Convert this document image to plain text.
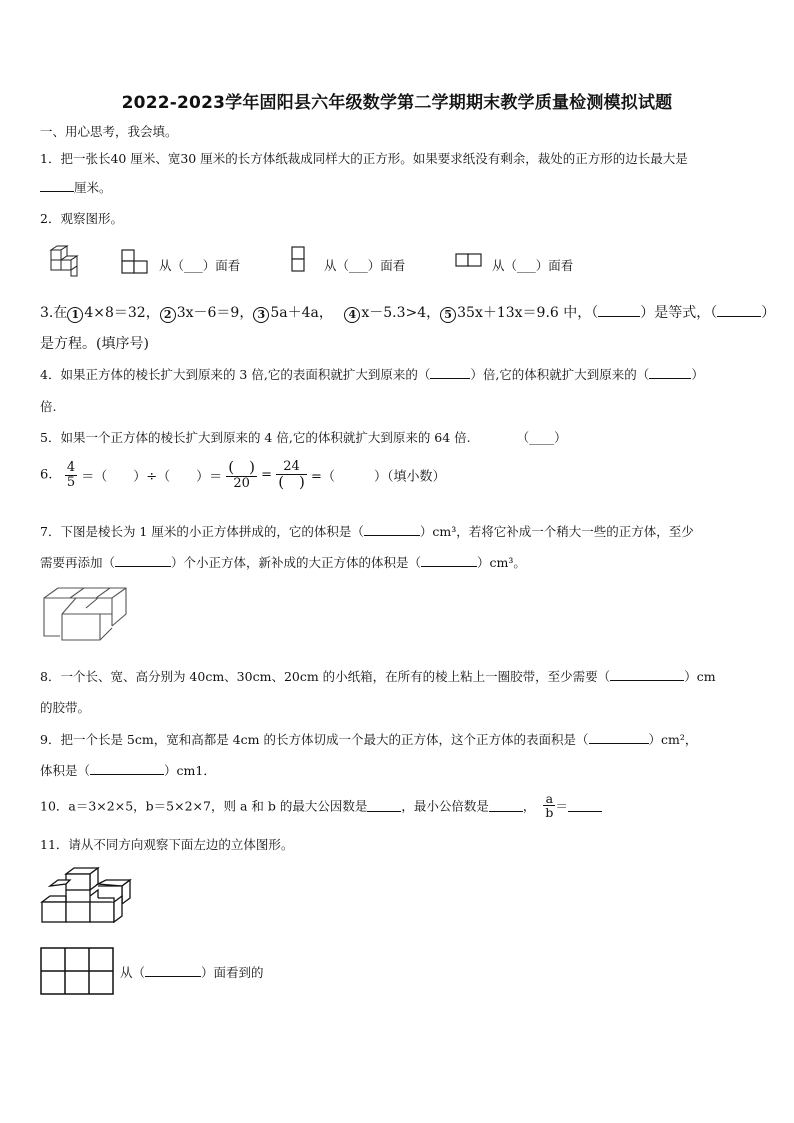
2022-2023学年固阳县六年级数学第二学期期末教学质量检测模拟试题
一、用心思考，我会填。
1．把一张长40 厘米、宽30 厘米的长方体纸裁成同样大的正方形。如果要求纸没有剩余，裁处的正方形的边长最大是
厘米。
2．观察图形。
从（___）面看	从（___）面看	从（___）面看
3.在 1 4×8＝32， 2 3x－6＝9， 3 5a＋4a，　 4 x－5.3>4， 5 35x＋13x＝9.6 中，（	）是等式，（	）
是方程。(填序号)
4．如果正方体的棱长扩大到原来的 3 倍,它的表面积就扩大到原来的（	）倍,它的体积就扩大到原来的（	）
倍.
5．如果一个正方体的棱长扩大到原来的 4 倍,它的体积就扩大到原来的 64 倍.	（____）
6. $\frac{4}{5}$ ＝（　　）÷（　　）＝ $\frac{( )}{20} = \frac{24}{( )}$ =（　　　）（填小数）
7．下图是棱长为 1 厘米的小正方体拼成的，它的体积是（	）cm³，若将它补成一个稍大一些的正方体，至少
需要再添加（	）个小正方体，新补成的大正方体的体积是（	）cm³。
8．一个长、宽、高分别为 40cm、30cm、20cm 的小纸箱，在所有的棱上粘上一圈胶带，至少需要（	）cm
的胶带。
9．把一个长是 5cm，宽和高都是 4cm 的长方体切成一个最大的正方体，这个正方体的表面积是（	）cm²，
体积是（	）cm1．
10．a＝3×2×5，b＝5×2×7，则 a 和 b 的最大公因数是	，最小公倍数是	， $\frac{a}{b}$ ＝
11．请从不同方向观察下面左边的立体图形。
从（	）面看到的
